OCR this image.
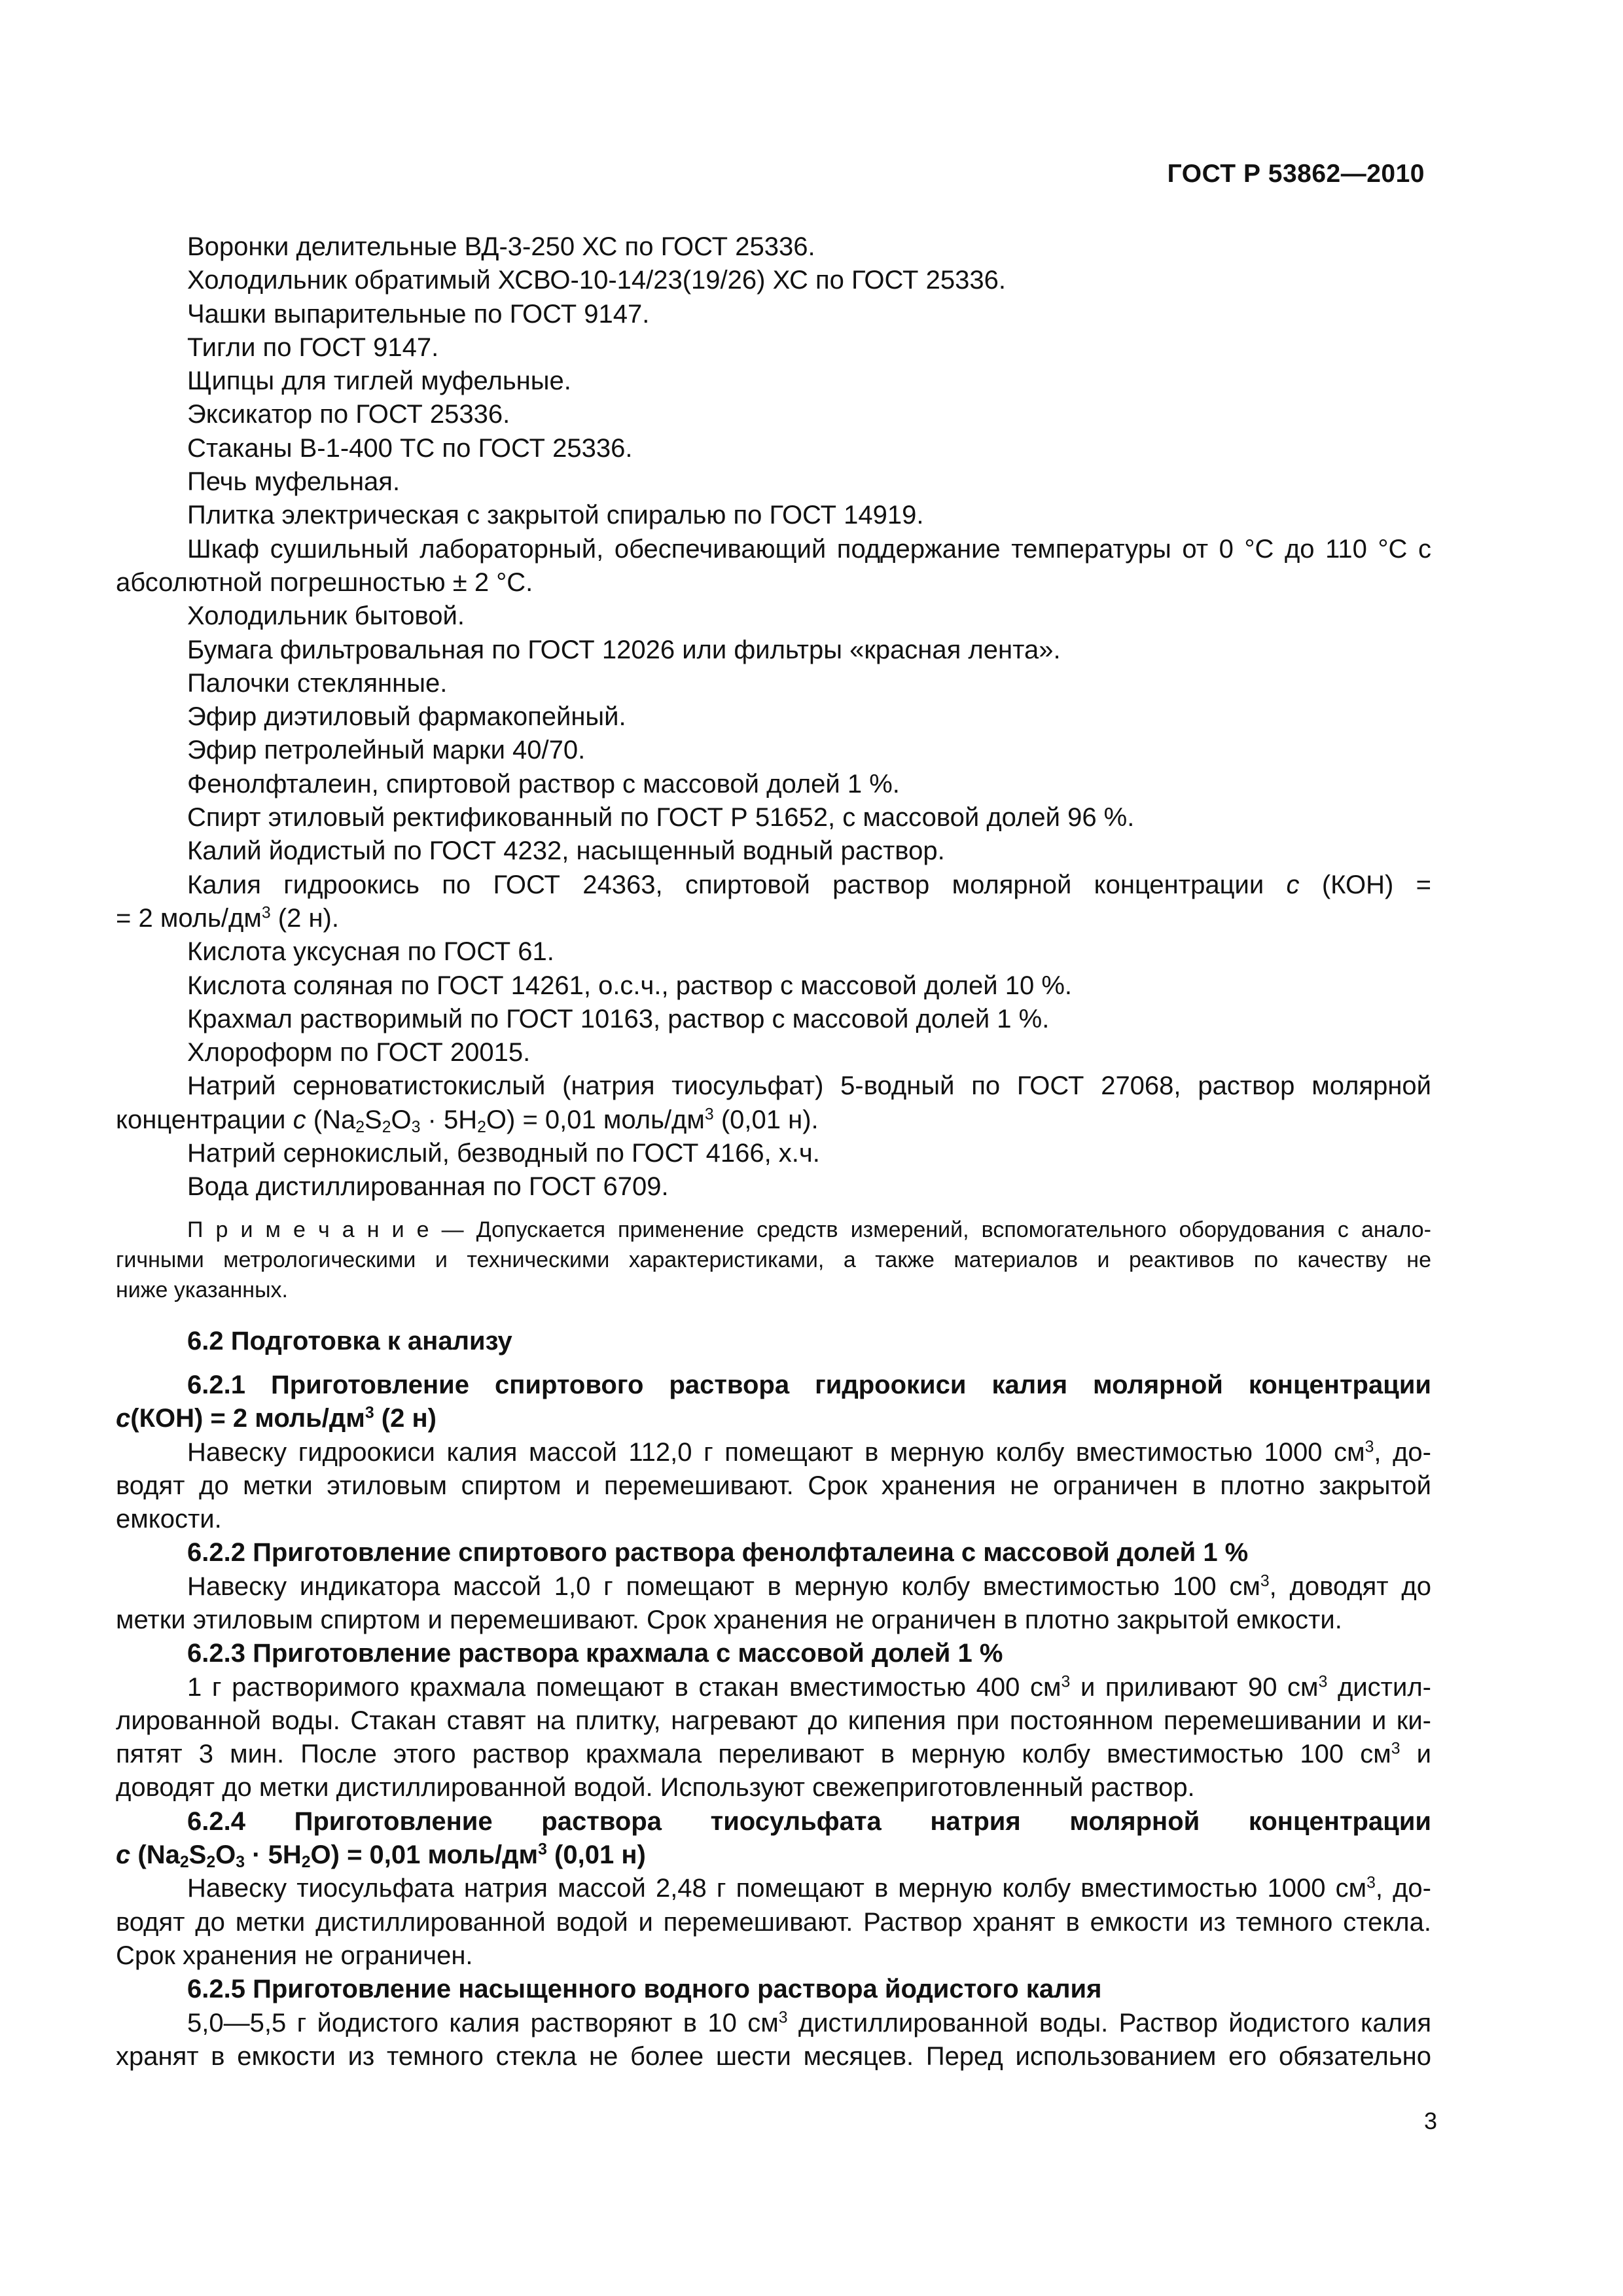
ГОСТ Р 53862—2010
Воронки делительные ВД-3-250 ХС по ГОСТ 25336.
Холодильник обратимый ХСВО-10-14/23(19/26) ХС по ГОСТ 25336.
Чашки выпарительные по ГОСТ 9147.
Тигли по ГОСТ 9147.
Щипцы для тиглей муфельные.
Эксикатор по ГОСТ 25336.
Стаканы В-1-400 ТС по ГОСТ 25336.
Печь муфельная.
Плитка электрическая с закрытой спиралью по ГОСТ 14919.
Шкаф сушильный лабораторный, обеспечивающий поддержание температуры от 0 °С до 110 °С с
абсолютной погрешностью ± 2 °С.
Холодильник бытовой.
Бумага фильтровальная по ГОСТ 12026 или фильтры «красная лента».
Палочки стеклянные.
Эфир диэтиловый фармакопейный.
Эфир петролейный марки 40/70.
Фенолфталеин, спиртовой раствор с массовой долей 1 %.
Спирт этиловый ректификованный по ГОСТ Р 51652, с массовой долей 96 %.
Калий йодистый по ГОСТ 4232, насыщенный водный раствор.
Калия гидроокись по ГОСТ 24363, спиртовой раствор молярной концентрации с (КОН) =
= 2 моль/$дм^3$ (2 н).
Кислота уксусная по ГОСТ 61.
Кислота соляная по ГОСТ 14261, о.с.ч., раствор с массовой долей 10 %.
Крахмал растворимый по ГОСТ 10163, раствор с массовой долей 1 %.
Хлороформ по ГОСТ 20015.
Натрий серноватистокислый (натрия тиосульфат) 5-водный по ГОСТ 27068, раствор молярной
концентрации с $(Na_2S_2O_3 \cdot 5H_2O) = 0,01$ моль/$дм^3$ (0,01 н).
Натрий сернокислый, безводный по ГОСТ 4166, х.ч.
Вода дистиллированная по ГОСТ 6709.
П р и м е ч а н и е — Допускается применение средств измерений, вспомогательного оборудования с анало-
гичными метрологическими и техническими характеристиками, а также материалов и реактивов по качеству не
ниже указанных.
6.2 Подготовка к анализу
6.2.1 Приготовление спиртового раствора гидроокиси калия молярной концентрации
с(КОН) = 2 моль/$дм^3$ (2 н)
Навеску гидроокиси калия массой 112,0 г помещают в мерную колбу вместимостью 1000 $см^3$, до-
водят до метки этиловым спиртом и перемешивают. Срок хранения не ограничен в плотно закрытой
емкости.
6.2.2 Приготовление спиртового раствора фенолфталеина с массовой долей 1 %
Навеску индикатора массой 1,0 г помещают в мерную колбу вместимостью 100 $см^3$, доводят до
метки этиловым спиртом и перемешивают. Срок хранения не ограничен в плотно закрытой емкости.
6.2.3 Приготовление раствора крахмала с массовой долей 1 %
1 г растворимого крахмала помещают в стакан вместимостью 400 $см^3$ и приливают 90 $см^3$ дистил-
лированной воды. Стакан ставят на плитку, нагревают до кипения при постоянном перемешивании и ки-
пятят 3 мин. После этого раствор крахмала переливают в мерную колбу вместимостью 100 $см^3$ и
доводят до метки дистиллированной водой. Используют свежеприготовленный раствор.
6.2.4 Приготовление раствора тиосульфата натрия молярной концентрации
с $(Na_2S_2O_3 \cdot 5H_2O) = 0,01$ моль/$дм^3$ (0,01 н)
Навеску тиосульфата натрия массой 2,48 г помещают в мерную колбу вместимостью 1000 $см^3$, до-
водят до метки дистиллированной водой и перемешивают. Раствор хранят в емкости из темного стекла.
Срок хранения не ограничен.
6.2.5 Приготовление насыщенного водного раствора йодистого калия
5,0—5,5 г йодистого калия растворяют в 10 $см^3$ дистиллированной воды. Раствор йодистого калия
хранят в емкости из темного стекла не более шести месяцев. Перед использованием его обязательно
3
